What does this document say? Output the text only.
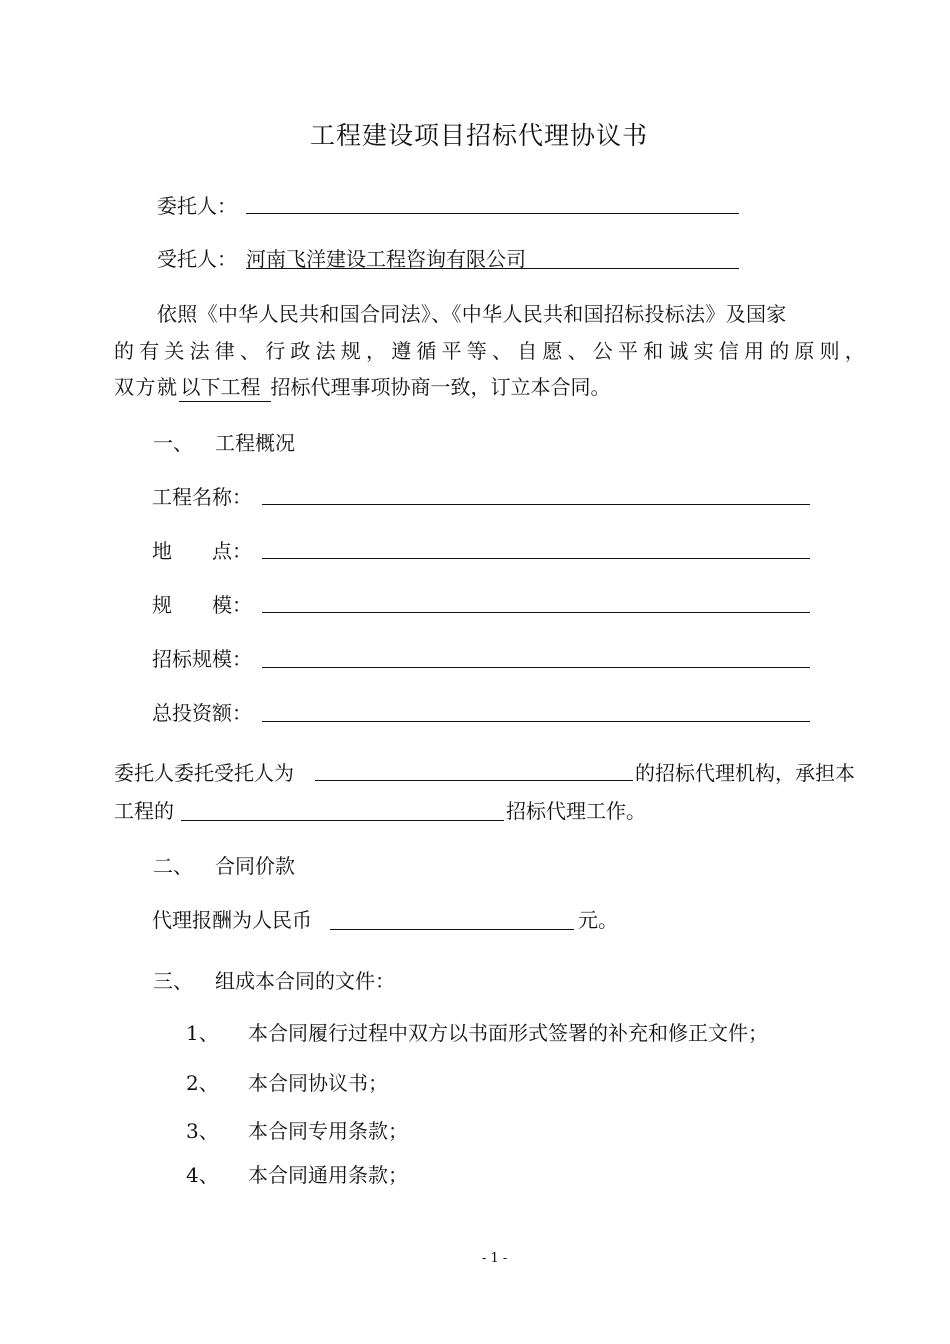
工程建设项目招标代理协议书
委托人：
受托人： 河南飞洋建设工程咨询有限公司
依照《中华人民共和国合同法》、《中华人民共和国招标投标法》及国家
的有关法律、行政法规，遵循平等、自愿、公平和诚实信用的原则，
双方就 以下工程 招标代理事项协商一致，订立本合同。
一、 工程概况
工程名称：
地　　点：
规　　模：
招标规模：
总投资额：
委托人委托受托人为	的招标代理机构，承担本
工程的	招标代理工作。
二、 合同价款
代理报酬为人民币	元。
三、 组成本合同的文件：
1、 本合同履行过程中双方以书面形式签署的补充和修正文件；
2、 本合同协议书；
3、 本合同专用条款；
4、 本合同通用条款；
- 1 -
